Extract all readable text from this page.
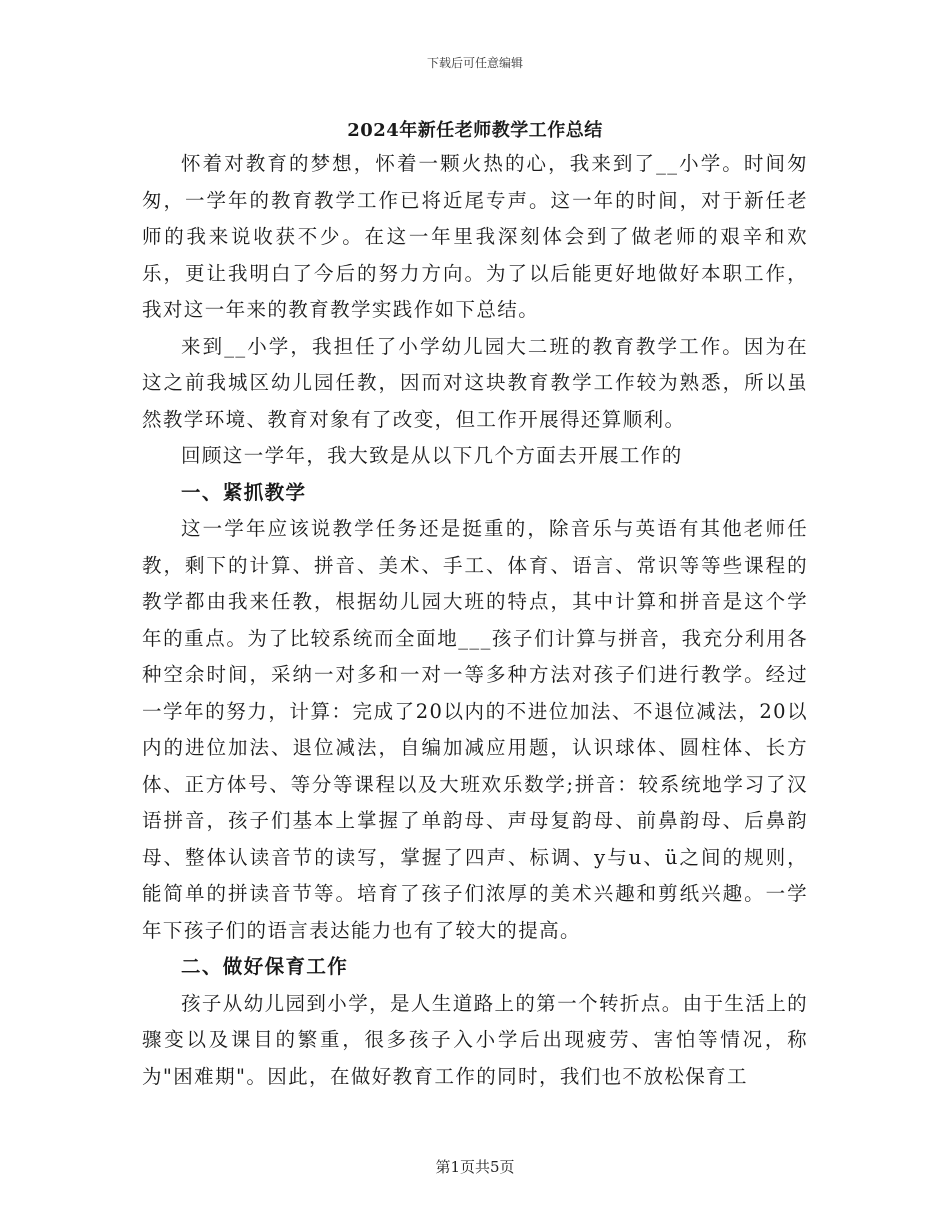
下载后可任意编辑
2024年新任老师教学工作总结

怀着对教育的梦想，怀着一颗火热的心，我来到了__小学。时间匆匆，一学年的教育教学工作已将近尾专声。这一年的时间，对于新任老师的我来说收获不少。在这一年里我深刻体会到了做老师的艰辛和欢乐，更让我明白了今后的努力方向。为了以后能更好地做好本职工作，我对这一年来的教育教学实践作如下总结。

来到__小学，我担任了小学幼儿园大二班的教育教学工作。因为在这之前我城区幼儿园任教，因而对这块教育教学工作较为熟悉，所以虽然教学环境、教育对象有了改变，但工作开展得还算顺利。

回顾这一学年，我大致是从以下几个方面去开展工作的

一、紧抓教学

这一学年应该说教学任务还是挺重的，除音乐与英语有其他老师任教，剩下的计算、拼音、美术、手工、体育、语言、常识等等些课程的教学都由我来任教，根据幼儿园大班的特点，其中计算和拼音是这个学年的重点。为了比较系统而全面地___孩子们计算与拼音，我充分利用各种空余时间，采纳一对多和一对一等多种方法对孩子们进行教学。经过一学年的努力，计算：完成了20以内的不进位加法、不退位减法，20以内的进位加法、退位减法，自编加减应用题，认识球体、圆柱体、长方体、正方体号、等分等课程以及大班欢乐数学;拼音：较系统地学习了汉语拼音，孩子们基本上掌握了单韵母、声母复韵母、前鼻韵母、后鼻韵母、整体认读音节的读写，掌握了四声、标调、y与u、ü之间的规则，能简单的拼读音节等。培育了孩子们浓厚的美术兴趣和剪纸兴趣。一学年下孩子们的语言表达能力也有了较大的提高。

二、做好保育工作

孩子从幼儿园到小学，是人生道路上的第一个转折点。由于生活上的骤变以及课目的繁重，很多孩子入小学后出现疲劳、害怕等情况，称为"困难期"。因此，在做好教育工作的同时，我们也不放松保育工

第1页共5页
